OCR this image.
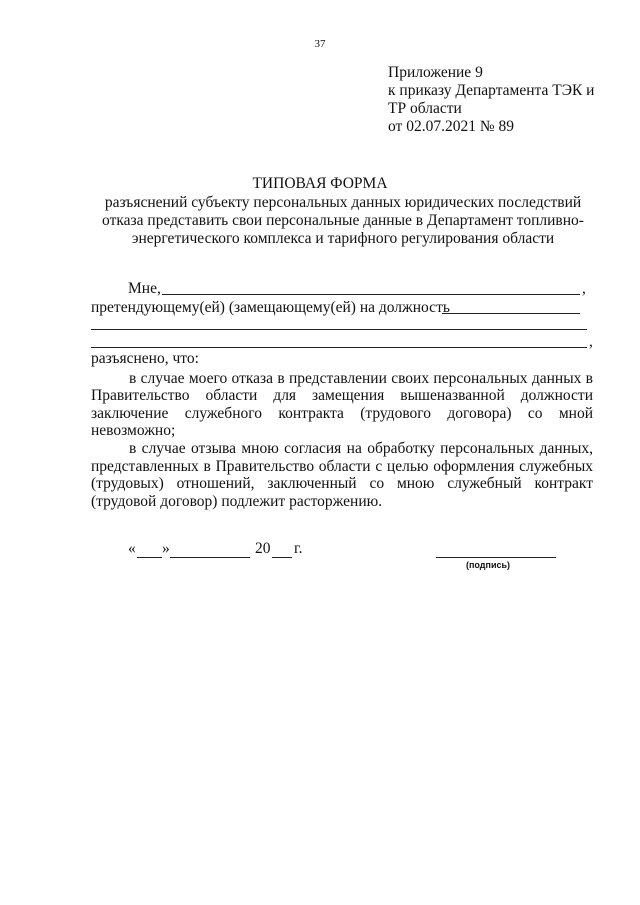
37
Приложение 9
к приказу Департамента ТЭК и
ТР области
от 02.07.2021 № 89
ТИПОВАЯ ФОРМА
разъяснений субъекту персональных данных юридических последствий отказа представить свои персональные данные в Департамент топливно-энергетического комплекса и тарифного регулирования области
Мне,	,
претендующему(ей) (замещающему(ей) на должность
,
разъяснено, что:

в случае моего отказа в представлении своих персональных данных в Правительство области для замещения вышеназванной должности заключение служебного контракта (трудового договора) со мной невозможно;

в случае отзыва мною согласия на обработку персональных данных, представленных в Правительство области с целью оформления служебных (трудовых) отношений, заключенный со мною служебный контракт (трудовой договор) подлежит расторжению.

« »	20 г.
(подпись)
